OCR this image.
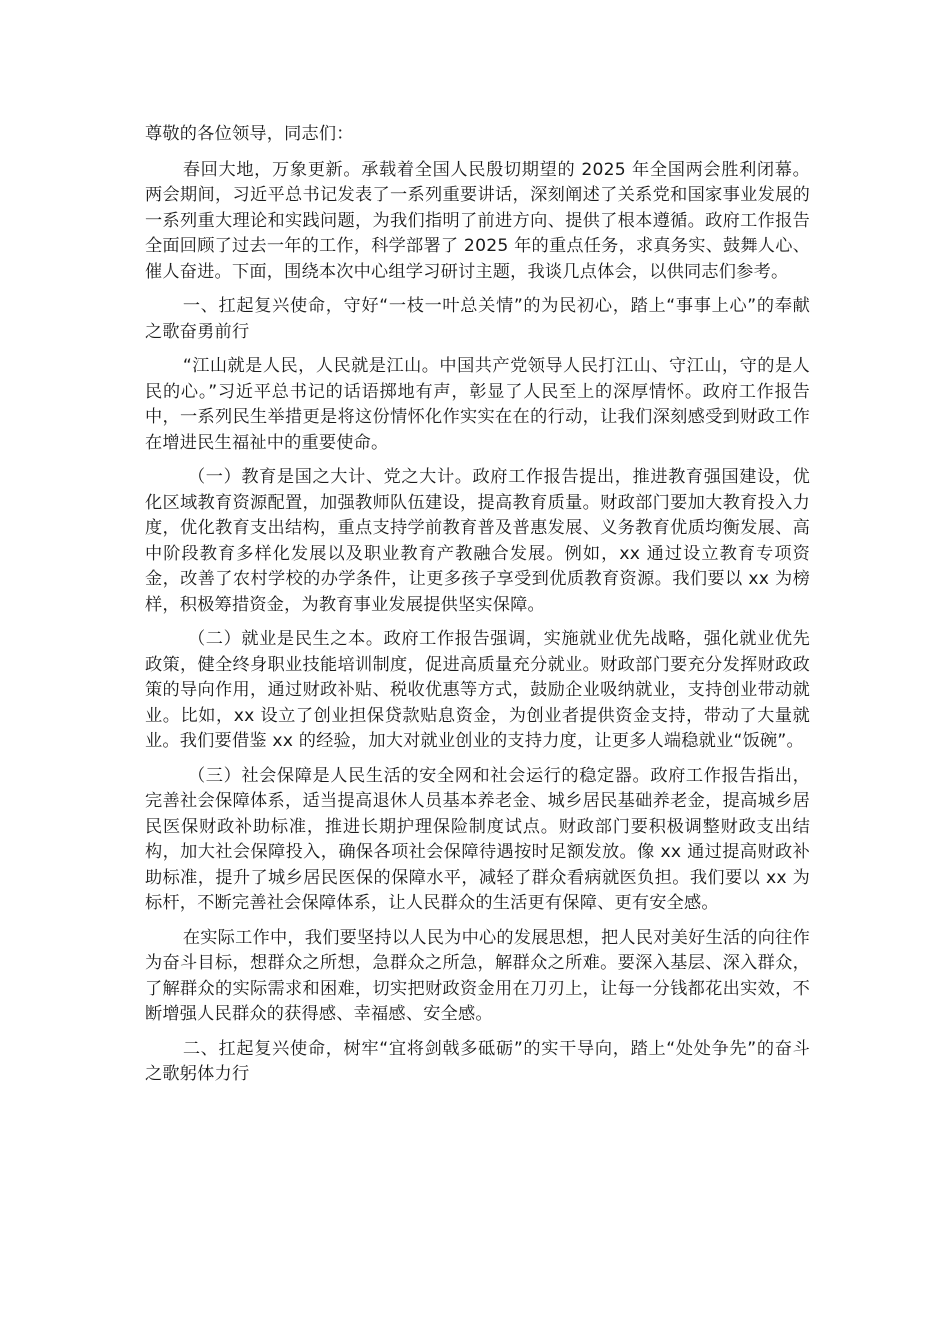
尊敬的各位领导，同志们：

春回大地，万象更新。承载着全国人民殷切期望的 2025 年全国两会胜利闭幕。两会期间，习近平总书记发表了一系列重要讲话，深刻阐述了关系党和国家事业发展的一系列重大理论和实践问题，为我们指明了前进方向、提供了根本遵循。政府工作报告全面回顾了过去一年的工作，科学部署了 2025 年的重点任务，求真务实、鼓舞人心、催人奋进。下面，围绕本次中心组学习研讨主题，我谈几点体会，以供同志们参考。

一、扛起复兴使命，守好“一枝一叶总关情”的为民初心，踏上“事事上心”的奉献之歌奋勇前行

“江山就是人民，人民就是江山。中国共产党领导人民打江山、守江山，守的是人民的心。”习近平总书记的话语掷地有声，彰显了人民至上的深厚情怀。政府工作报告中，一系列民生举措更是将这份情怀化作实实在在的行动，让我们深刻感受到财政工作在增进民生福祉中的重要使命。

（一）教育是国之大计、党之大计。政府工作报告提出，推进教育强国建设，优化区域教育资源配置，加强教师队伍建设，提高教育质量。财政部门要加大教育投入力度，优化教育支出结构，重点支持学前教育普及普惠发展、义务教育优质均衡发展、高中阶段教育多样化发展以及职业教育产教融合发展。例如，xx 通过设立教育专项资金，改善了农村学校的办学条件，让更多孩子享受到优质教育资源。我们要以 xx 为榜样，积极筹措资金，为教育事业发展提供坚实保障。

（二）就业是民生之本。政府工作报告强调，实施就业优先战略，强化就业优先政策，健全终身职业技能培训制度，促进高质量充分就业。财政部门要充分发挥财政政策的导向作用，通过财政补贴、税收优惠等方式，鼓励企业吸纳就业，支持创业带动就业。比如，xx 设立了创业担保贷款贴息资金，为创业者提供资金支持，带动了大量就业。我们要借鉴 xx 的经验，加大对就业创业的支持力度，让更多人端稳就业“饭碗”。

（三）社会保障是人民生活的安全网和社会运行的稳定器。政府工作报告指出，完善社会保障体系，适当提高退休人员基本养老金、城乡居民基础养老金，提高城乡居民医保财政补助标准，推进长期护理保险制度试点。财政部门要积极调整财政支出结构，加大社会保障投入，确保各项社会保障待遇按时足额发放。像 xx 通过提高财政补助标准，提升了城乡居民医保的保障水平，减轻了群众看病就医负担。我们要以 xx 为标杆，不断完善社会保障体系，让人民群众的生活更有保障、更有安全感。

在实际工作中，我们要坚持以人民为中心的发展思想，把人民对美好生活的向往作为奋斗目标，想群众之所想，急群众之所急，解群众之所难。要深入基层、深入群众，了解群众的实际需求和困难，切实把财政资金用在刀刃上，让每一分钱都花出实效，不断增强人民群众的获得感、幸福感、安全感。

二、扛起复兴使命，树牢“宜将剑戟多砥砺”的实干导向，踏上“处处争先”的奋斗之歌躬体力行
